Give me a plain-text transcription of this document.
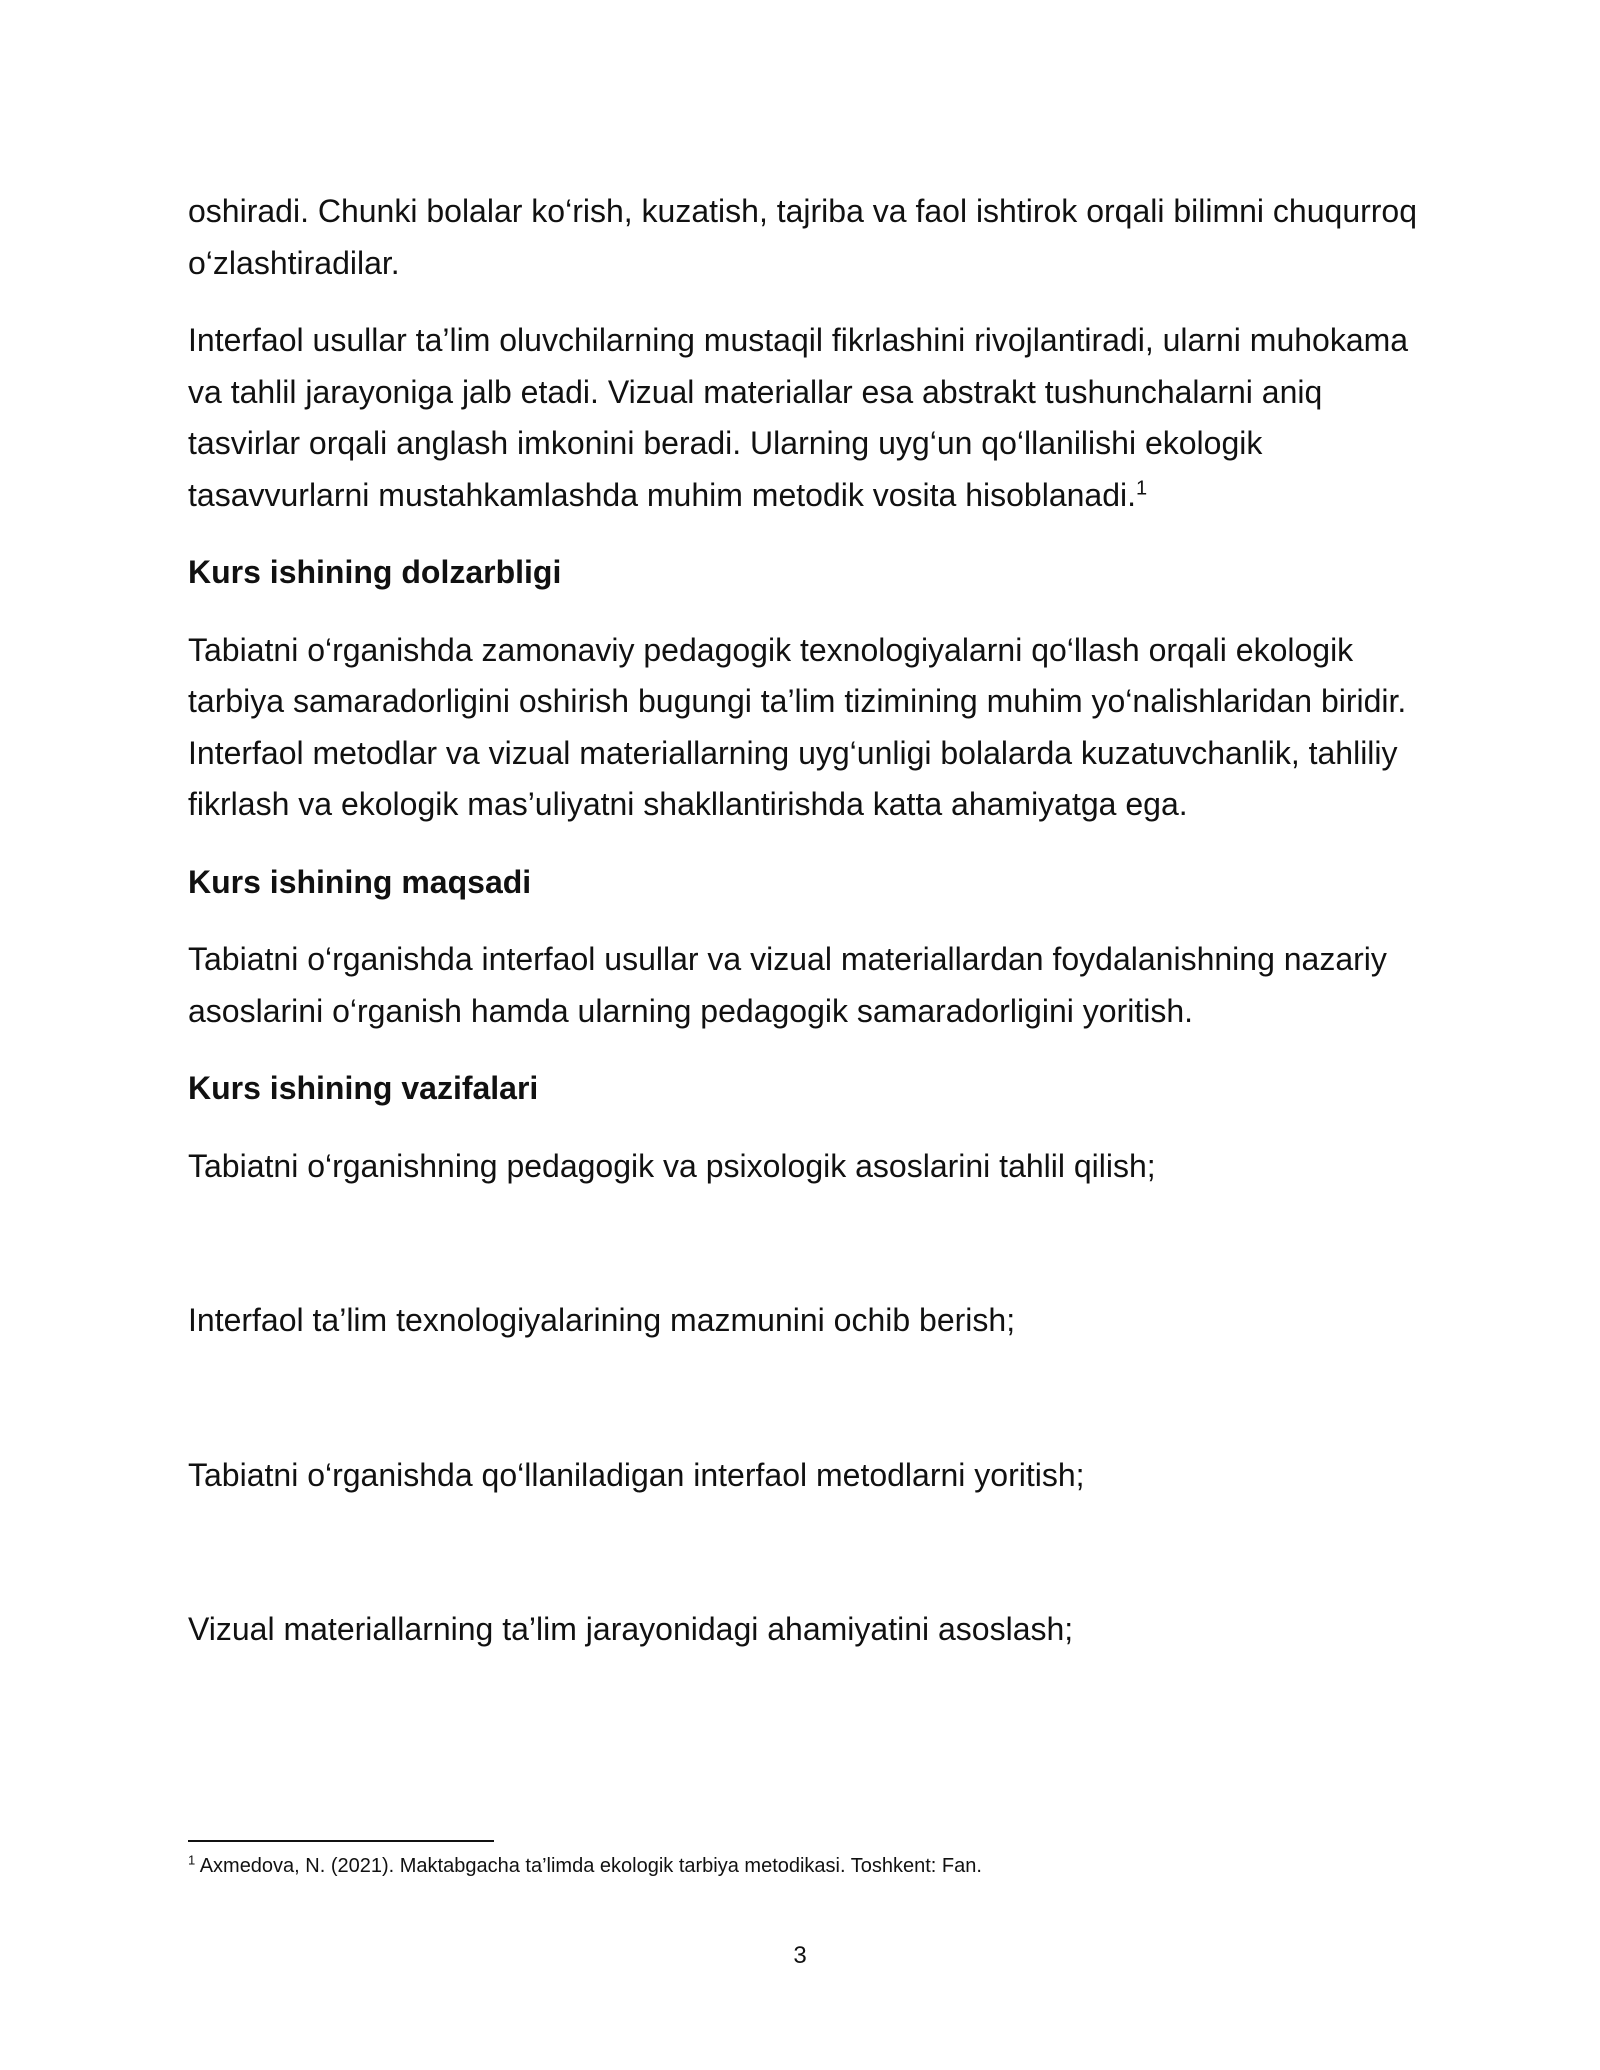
oshiradi. Chunki bolalar ko‘rish, kuzatish, tajriba va faol ishtirok orqali bilimni chuqurroq o‘zlashtiradilar.

Interfaol usullar ta’lim oluvchilarning mustaqil fikrlashini rivojlantiradi, ularni muhokama va tahlil jarayoniga jalb etadi. Vizual materiallar esa abstrakt tushunchalarni aniq tasvirlar orqali anglash imkonini beradi. Ularning uyg‘un qo‘llanilishi ekologik tasavvurlarni mustahkamlashda muhim metodik vosita hisoblanadi.$^1$

Kurs ishining dolzarbligi

Tabiatni o‘rganishda zamonaviy pedagogik texnologiyalarni qo‘llash orqali ekologik tarbiya samaradorligini oshirish bugungi ta’lim tizimining muhim yo‘nalishlaridan biridir. Interfaol metodlar va vizual materiallarning uyg‘unligi bolalarda kuzatuvchanlik, tahliliy fikrlash va ekologik mas’uliyatni shakllantirishda katta ahamiyatga ega.

Kurs ishining maqsadi

Tabiatni o‘rganishda interfaol usullar va vizual materiallardan foydalanishning nazariy asoslarini o‘rganish hamda ularning pedagogik samaradorligini yoritish.

Kurs ishining vazifalari

Tabiatni o‘rganishning pedagogik va psixologik asoslarini tahlil qilish;

Interfaol ta’lim texnologiyalarining mazmunini ochib berish;

Tabiatni o‘rganishda qo‘llaniladigan interfaol metodlarni yoritish;

Vizual materiallarning ta’lim jarayonidagi ahamiyatini asoslash;

$^1$ Axmedova, N. (2021). Maktabgacha ta’limda ekologik tarbiya metodikasi. Toshkent: Fan.

3
